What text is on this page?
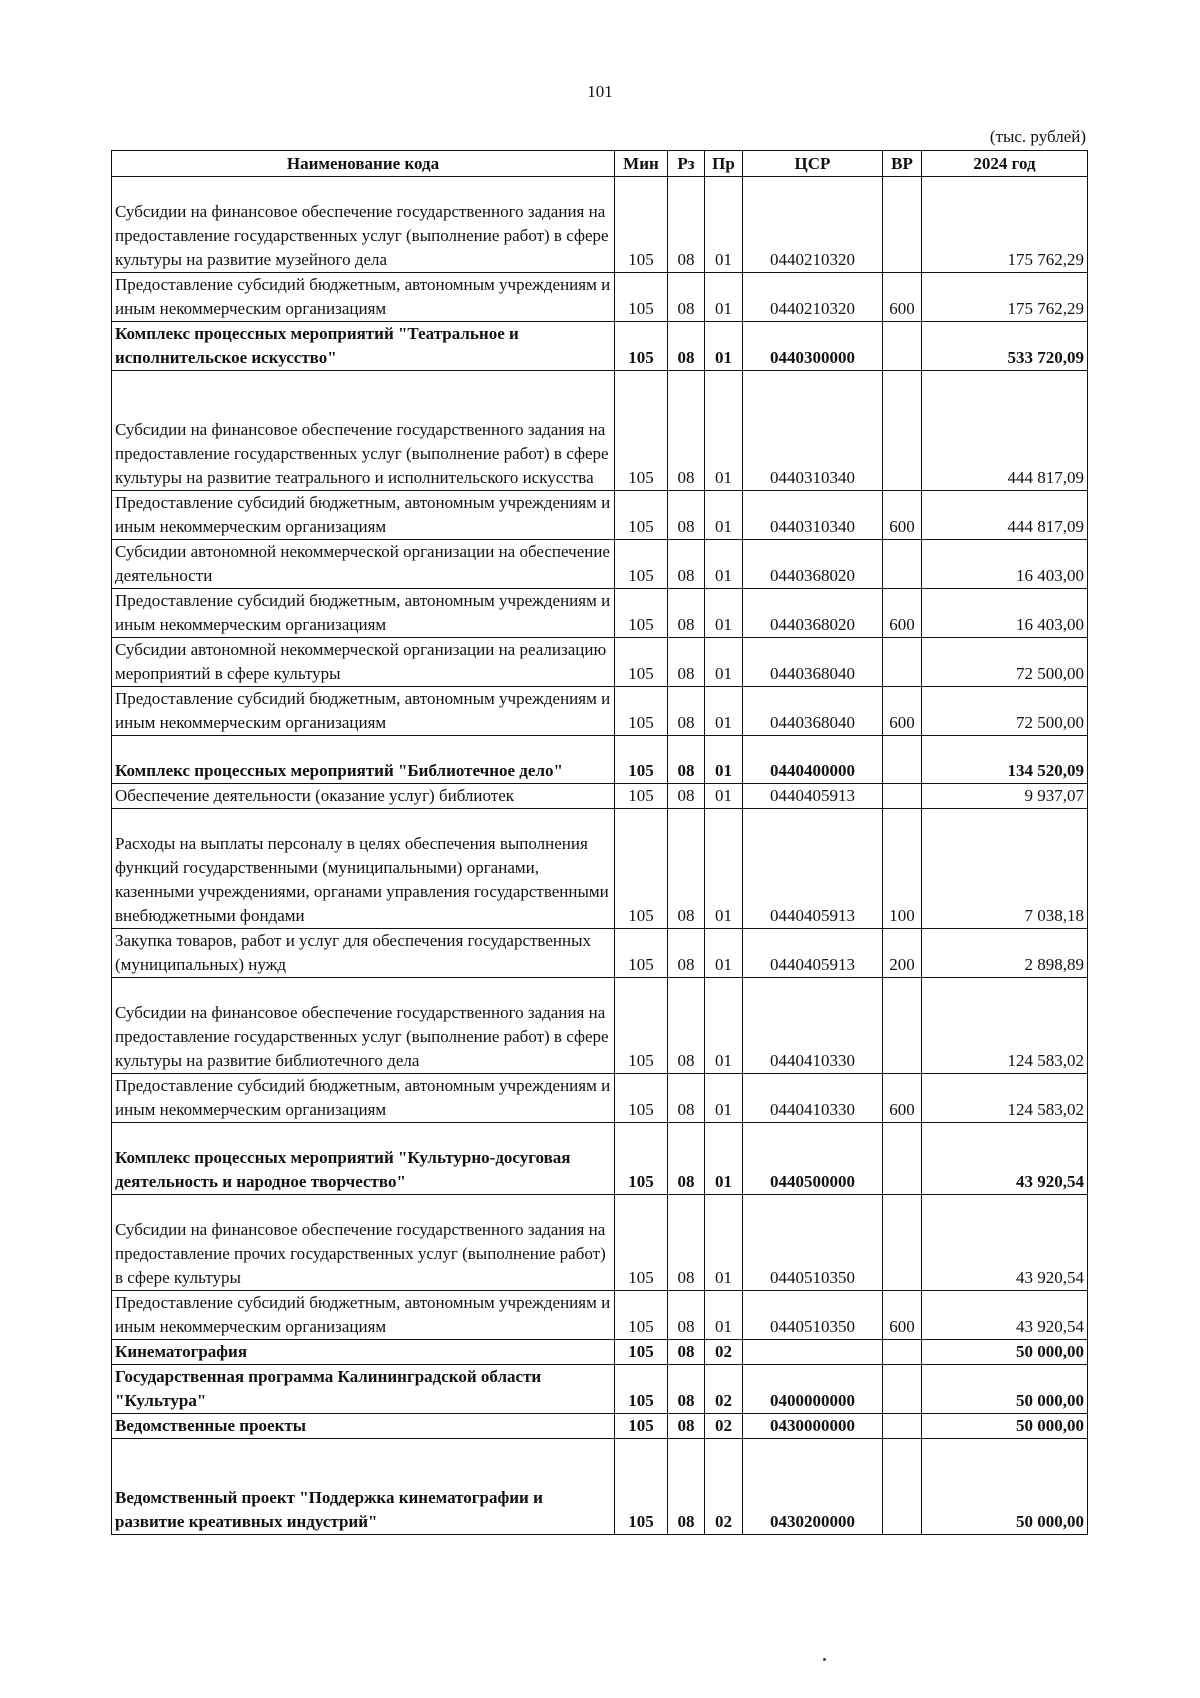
101
(тыс. рублей)
Наименование кода	Мин	Рз	Пр	ЦСР	ВР	2024 год
Субсидии на финансовое обеспечение государственного задания на предоставление государственных услуг (выполнение работ) в сфере культуры на развитие музейного дела	105	08	01	0440210320		175 762,29
Предоставление субсидий бюджетным, автономным учреждениям и иным некоммерческим организациям	105	08	01	0440210320	600	175 762,29
Комплекс процессных мероприятий "Театральное и исполнительское искусство"	105	08	01	0440300000		533 720,09
Субсидии на финансовое обеспечение государственного задания на предоставление государственных услуг (выполнение работ) в сфере культуры на развитие театрального и исполнительского искусства	105	08	01	0440310340		444 817,09
Предоставление субсидий бюджетным, автономным учреждениям и иным некоммерческим организациям	105	08	01	0440310340	600	444 817,09
Субсидии автономной некоммерческой организации на обеспечение деятельности	105	08	01	0440368020		16 403,00
Предоставление субсидий бюджетным, автономным учреждениям и иным некоммерческим организациям	105	08	01	0440368020	600	16 403,00
Субсидии автономной некоммерческой организации на реализацию мероприятий в сфере культуры	105	08	01	0440368040		72 500,00
Предоставление субсидий бюджетным, автономным учреждениям и иным некоммерческим организациям	105	08	01	0440368040	600	72 500,00
Комплекс процессных мероприятий "Библиотечное дело"	105	08	01	0440400000		134 520,09
Обеспечение деятельности (оказание услуг) библиотек	105	08	01	0440405913		9 937,07
Расходы на выплаты персоналу в целях обеспечения выполнения функций государственными (муниципальными) органами, казенными учреждениями, органами управления государственными внебюджетными фондами	105	08	01	0440405913	100	7 038,18
Закупка товаров, работ и услуг для обеспечения государственных (муниципальных) нужд	105	08	01	0440405913	200	2 898,89
Субсидии на финансовое обеспечение государственного задания на предоставление государственных услуг (выполнение работ) в сфере культуры на развитие библиотечного дела	105	08	01	0440410330		124 583,02
Предоставление субсидий бюджетным, автономным учреждениям и иным некоммерческим организациям	105	08	01	0440410330	600	124 583,02
Комплекс процессных мероприятий "Культурно-досуговая деятельность и народное творчество"	105	08	01	0440500000		43 920,54
Субсидии на финансовое обеспечение государственного задания на предоставление прочих государственных услуг (выполнение работ) в сфере культуры	105	08	01	0440510350		43 920,54
Предоставление субсидий бюджетным, автономным учреждениям и иным некоммерческим организациям	105	08	01	0440510350	600	43 920,54
Кинематография	105	08	02			50 000,00
Государственная программа Калининградской области "Культура"	105	08	02	0400000000		50 000,00
Ведомственные проекты	105	08	02	0430000000		50 000,00
Ведомственный проект "Поддержка кинематографии и развитие креативных индустрий"	105	08	02	0430200000		50 000,00
